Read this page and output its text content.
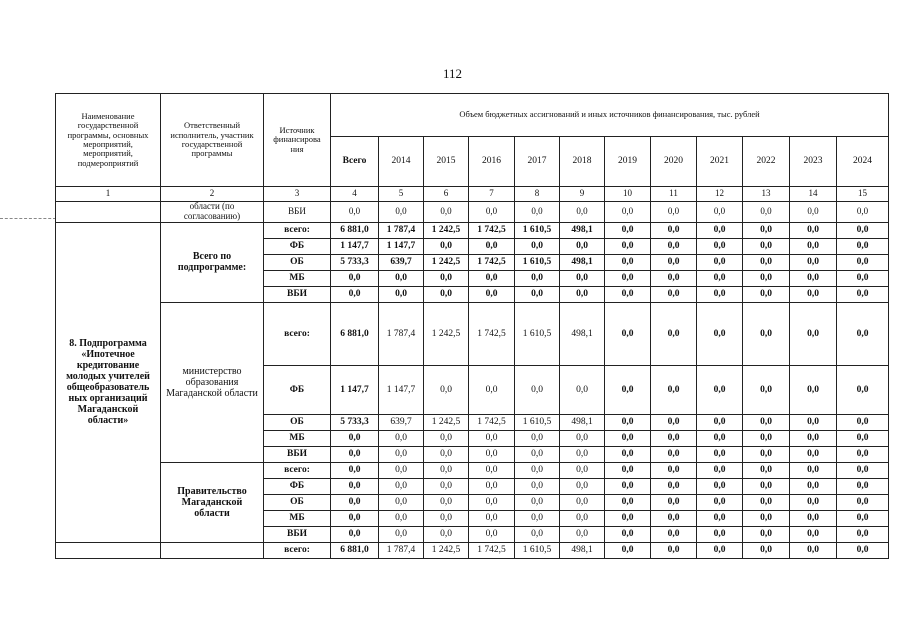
112
Наименование государственной программы, основных мероприятий, мероприятий, подмероприятий	Ответственный исполнитель, участник государственной программы	Источник финансирова ния	Объем бюджетных ассигнований и иных источников финансирования, тыс. рублей											
			Всего	2014	2015	2016	2017	2018	2019	2020	2021	2022	2023	2024
1	2	3	4	5	6	7	8	9	10	11	12	13	14	15
	области (по согласованию)	ВБИ	0,0	0,0	0,0	0,0	0,0	0,0	0,0	0,0	0,0	0,0	0,0	0,0
8. Подпрограмма «Ипотечное кредитование молодых учителей общеобразователь ных организаций Магаданской области»	Всего по подпрограмме:	всего:	6 881,0	1 787,4	1 242,5	1 742,5	1 610,5	498,1	0,0	0,0	0,0	0,0	0,0	0,0
		ФБ	1 147,7	1 147,7	0,0	0,0	0,0	0,0	0,0	0,0	0,0	0,0	0,0	0,0
		ОБ	5 733,3	639,7	1 242,5	1 742,5	1 610,5	498,1	0,0	0,0	0,0	0,0	0,0	0,0
		МБ	0,0	0,0	0,0	0,0	0,0	0,0	0,0	0,0	0,0	0,0	0,0	0,0
		ВБИ	0,0	0,0	0,0	0,0	0,0	0,0	0,0	0,0	0,0	0,0	0,0	0,0
	министерство образования Магаданской области	всего:	6 881,0	1 787,4	1 242,5	1 742,5	1 610,5	498,1	0,0	0,0	0,0	0,0	0,0	0,0
		ФБ	1 147,7	1 147,7	0,0	0,0	0,0	0,0	0,0	0,0	0,0	0,0	0,0	0,0
		ОБ	5 733,3	639,7	1 242,5	1 742,5	1 610,5	498,1	0,0	0,0	0,0	0,0	0,0	0,0
		МБ	0,0	0,0	0,0	0,0	0,0	0,0	0,0	0,0	0,0	0,0	0,0	0,0
		ВБИ	0,0	0,0	0,0	0,0	0,0	0,0	0,0	0,0	0,0	0,0	0,0	0,0
	Правительство Магаданской области	всего:	0,0	0,0	0,0	0,0	0,0	0,0	0,0	0,0	0,0	0,0	0,0	0,0
		ФБ	0,0	0,0	0,0	0,0	0,0	0,0	0,0	0,0	0,0	0,0	0,0	0,0
		ОБ	0,0	0,0	0,0	0,0	0,0	0,0	0,0	0,0	0,0	0,0	0,0	0,0
		МБ	0,0	0,0	0,0	0,0	0,0	0,0	0,0	0,0	0,0	0,0	0,0	0,0
		ВБИ	0,0	0,0	0,0	0,0	0,0	0,0	0,0	0,0	0,0	0,0	0,0	0,0
		всего:	6 881,0	1 787,4	1 242,5	1 742,5	1 610,5	498,1	0,0	0,0	0,0	0,0	0,0	0,0
